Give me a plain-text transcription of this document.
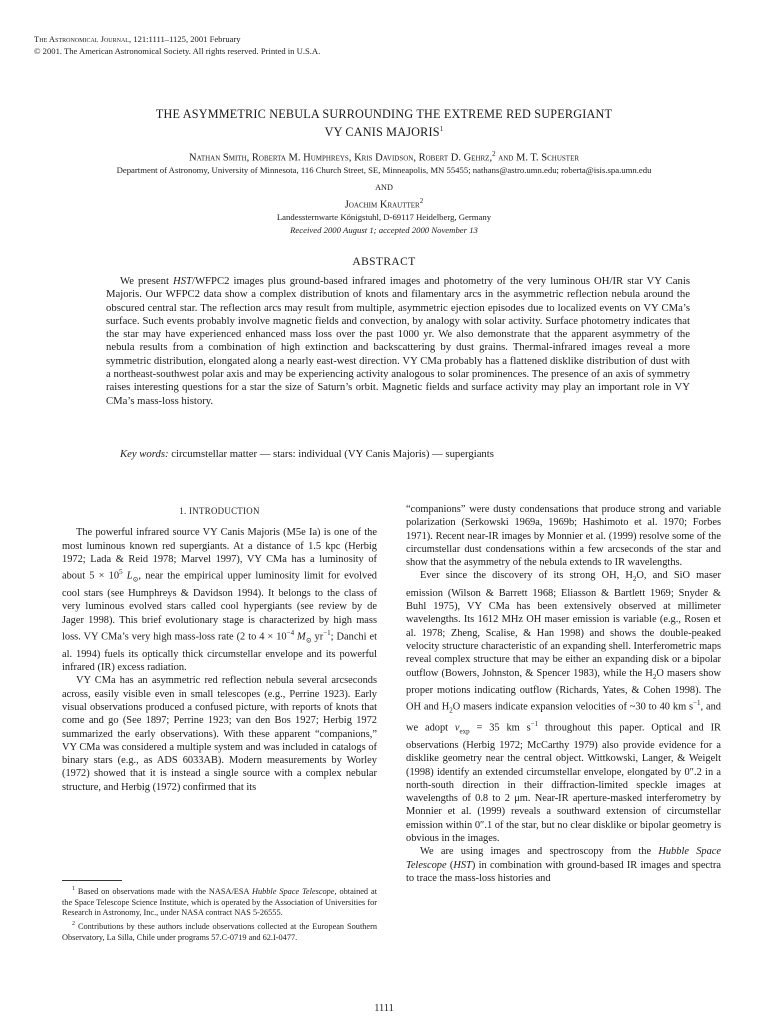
The Astronomical Journal, 121:1111–1125, 2001 February
© 2001. The American Astronomical Society. All rights reserved. Printed in U.S.A.
THE ASYMMETRIC NEBULA SURROUNDING THE EXTREME RED SUPERGIANT
VY CANIS MAJORIS$^1$
Nathan Smith, Roberta M. Humphreys, Kris Davidson, Robert D. Gehrz,$^2$ and M. T. Schuster
Department of Astronomy, University of Minnesota, 116 Church Street, SE, Minneapolis, MN 55455; nathans@astro.umn.edu; roberta@isis.spa.umn.edu
AND
Joachim Krautter$^2$
Landessternwarte Königstuhl, D-69117 Heidelberg, Germany
Received 2000 August 1; accepted 2000 November 13
ABSTRACT

We present HST/WFPC2 images plus ground-based infrared images and photometry of the very luminous OH/IR star VY Canis Majoris. Our WFPC2 data show a complex distribution of knots and filamentary arcs in the asymmetric reflection nebula around the obscured central star. The reflection arcs may result from multiple, asymmetric ejection episodes due to localized events on VY CMa’s surface. Such events probably involve magnetic fields and convection, by analogy with solar activity. Surface photometry indicates that the star may have experienced enhanced mass loss over the past 1000 yr. We also demonstrate that the apparent asymmetry of the nebula results from a combination of high extinction and backscattering by dust grains. Thermal-infrared images reveal a more symmetric distribution, elongated along a nearly east-west direction. VY CMa probably has a flattened disklike distribution of dust with a northeast-southwest polar axis and may be experiencing activity analogous to solar prominences. The presence of an axis of symmetry raises interesting questions for a star the size of Saturn’s orbit. Magnetic fields and surface activity may play an important role in VY CMa’s mass-loss history.

Key words: circumstellar matter — stars: individual (VY Canis Majoris) — supergiants
1. INTRODUCTION

The powerful infrared source VY Canis Majoris (M5e Ia) is one of the most luminous known red supergiants. At a distance of 1.5 kpc (Herbig 1972; Lada & Reid 1978; Marvel 1997), VY CMa has a luminosity of about $5 \times 10^5$ $L_⊙$, near the empirical upper luminosity limit for evolved cool stars (see Humphreys & Davidson 1994). It belongs to the class of very luminous evolved stars called cool hypergiants (see review by de Jager 1998). This brief evolutionary stage is characterized by high mass loss. VY CMa’s very high mass-loss rate (2 to $4 \times 10^{-4}$ $M_⊙$ $yr^{-1}$; Danchi et al. 1994) fuels its optically thick circumstellar envelope and its powerful infrared (IR) excess radiation.

VY CMa has an asymmetric red reflection nebula several arcseconds across, easily visible even in small telescopes (e.g., Perrine 1923). Early visual observations produced a confused picture, with reports of knots that come and go (See 1897; Perrine 1923; van den Bos 1927; Herbig 1972 summarized the early observations). With these apparent “companions,” VY CMa was considered a multiple system and was included in catalogs of binary stars (e.g., as ADS 6033AB). Modern measurements by Worley (1972) showed that it is instead a single source with a complex nebular structure, and Herbig (1972) confirmed that its

$^1$ Based on observations made with the NASA/ESA Hubble Space Telescope, obtained at the Space Telescope Science Institute, which is operated by the Association of Universities for Research in Astronomy, Inc., under NASA contract NAS 5-26555.

$^2$ Contributions by these authors include observations collected at the European Southern Observatory, La Silla, Chile under programs 57.C-0719 and 62.I-0477.

“companions” were dusty condensations that produce strong and variable polarization (Serkowski 1969a, 1969b; Hashimoto et al. 1970; Forbes 1971). Recent near-IR images by Monnier et al. (1999) resolve some of the circumstellar dust condensations within a few arcseconds of the star and show that the asymmetry of the nebula extends to IR wavelengths.

Ever since the discovery of its strong OH, $H_2O$, and SiO maser emission (Wilson & Barrett 1968; Eliasson & Bartlett 1969; Snyder & Buhl 1975), VY CMa has been extensively observed at millimeter wavelengths. Its 1612 MHz OH maser emission is variable (e.g., Rosen et al. 1978; Zheng, Scalise, & Han 1998) and shows the double-peaked velocity structure characteristic of an expanding shell. Interferometric maps reveal complex structure that may be either an expanding disk or a bipolar outflow (Bowers, Johnston, & Spencer 1983), while the $H_2O$ masers show proper motions indicating outflow (Richards, Yates, & Cohen 1998). The OH and $H_2O$ masers indicate expansion velocities of ~30 to 40 km $s^{-1}$, and we adopt $v_{exp} = 35$ km $s^{-1}$ throughout this paper. Optical and IR observations (Herbig 1972; McCarthy 1979) also provide evidence for a disklike geometry near the central object. Wittkowski, Langer, & Weigelt (1998) identify an extended circumstellar envelope, elongated by 0″.2 in a north-south direction in their diffraction-limited speckle images at wavelengths of 0.8 to 2 μm. Near-IR aperture-masked interferometry by Monnier et al. (1999) reveals a southward extension of circumstellar emission within 0″.1 of the star, but no clear disklike or bipolar geometry is obvious in the images.

We are using images and spectroscopy from the Hubble Space Telescope (HST) in combination with ground-based IR images and spectra to trace the mass-loss histories and

1111
